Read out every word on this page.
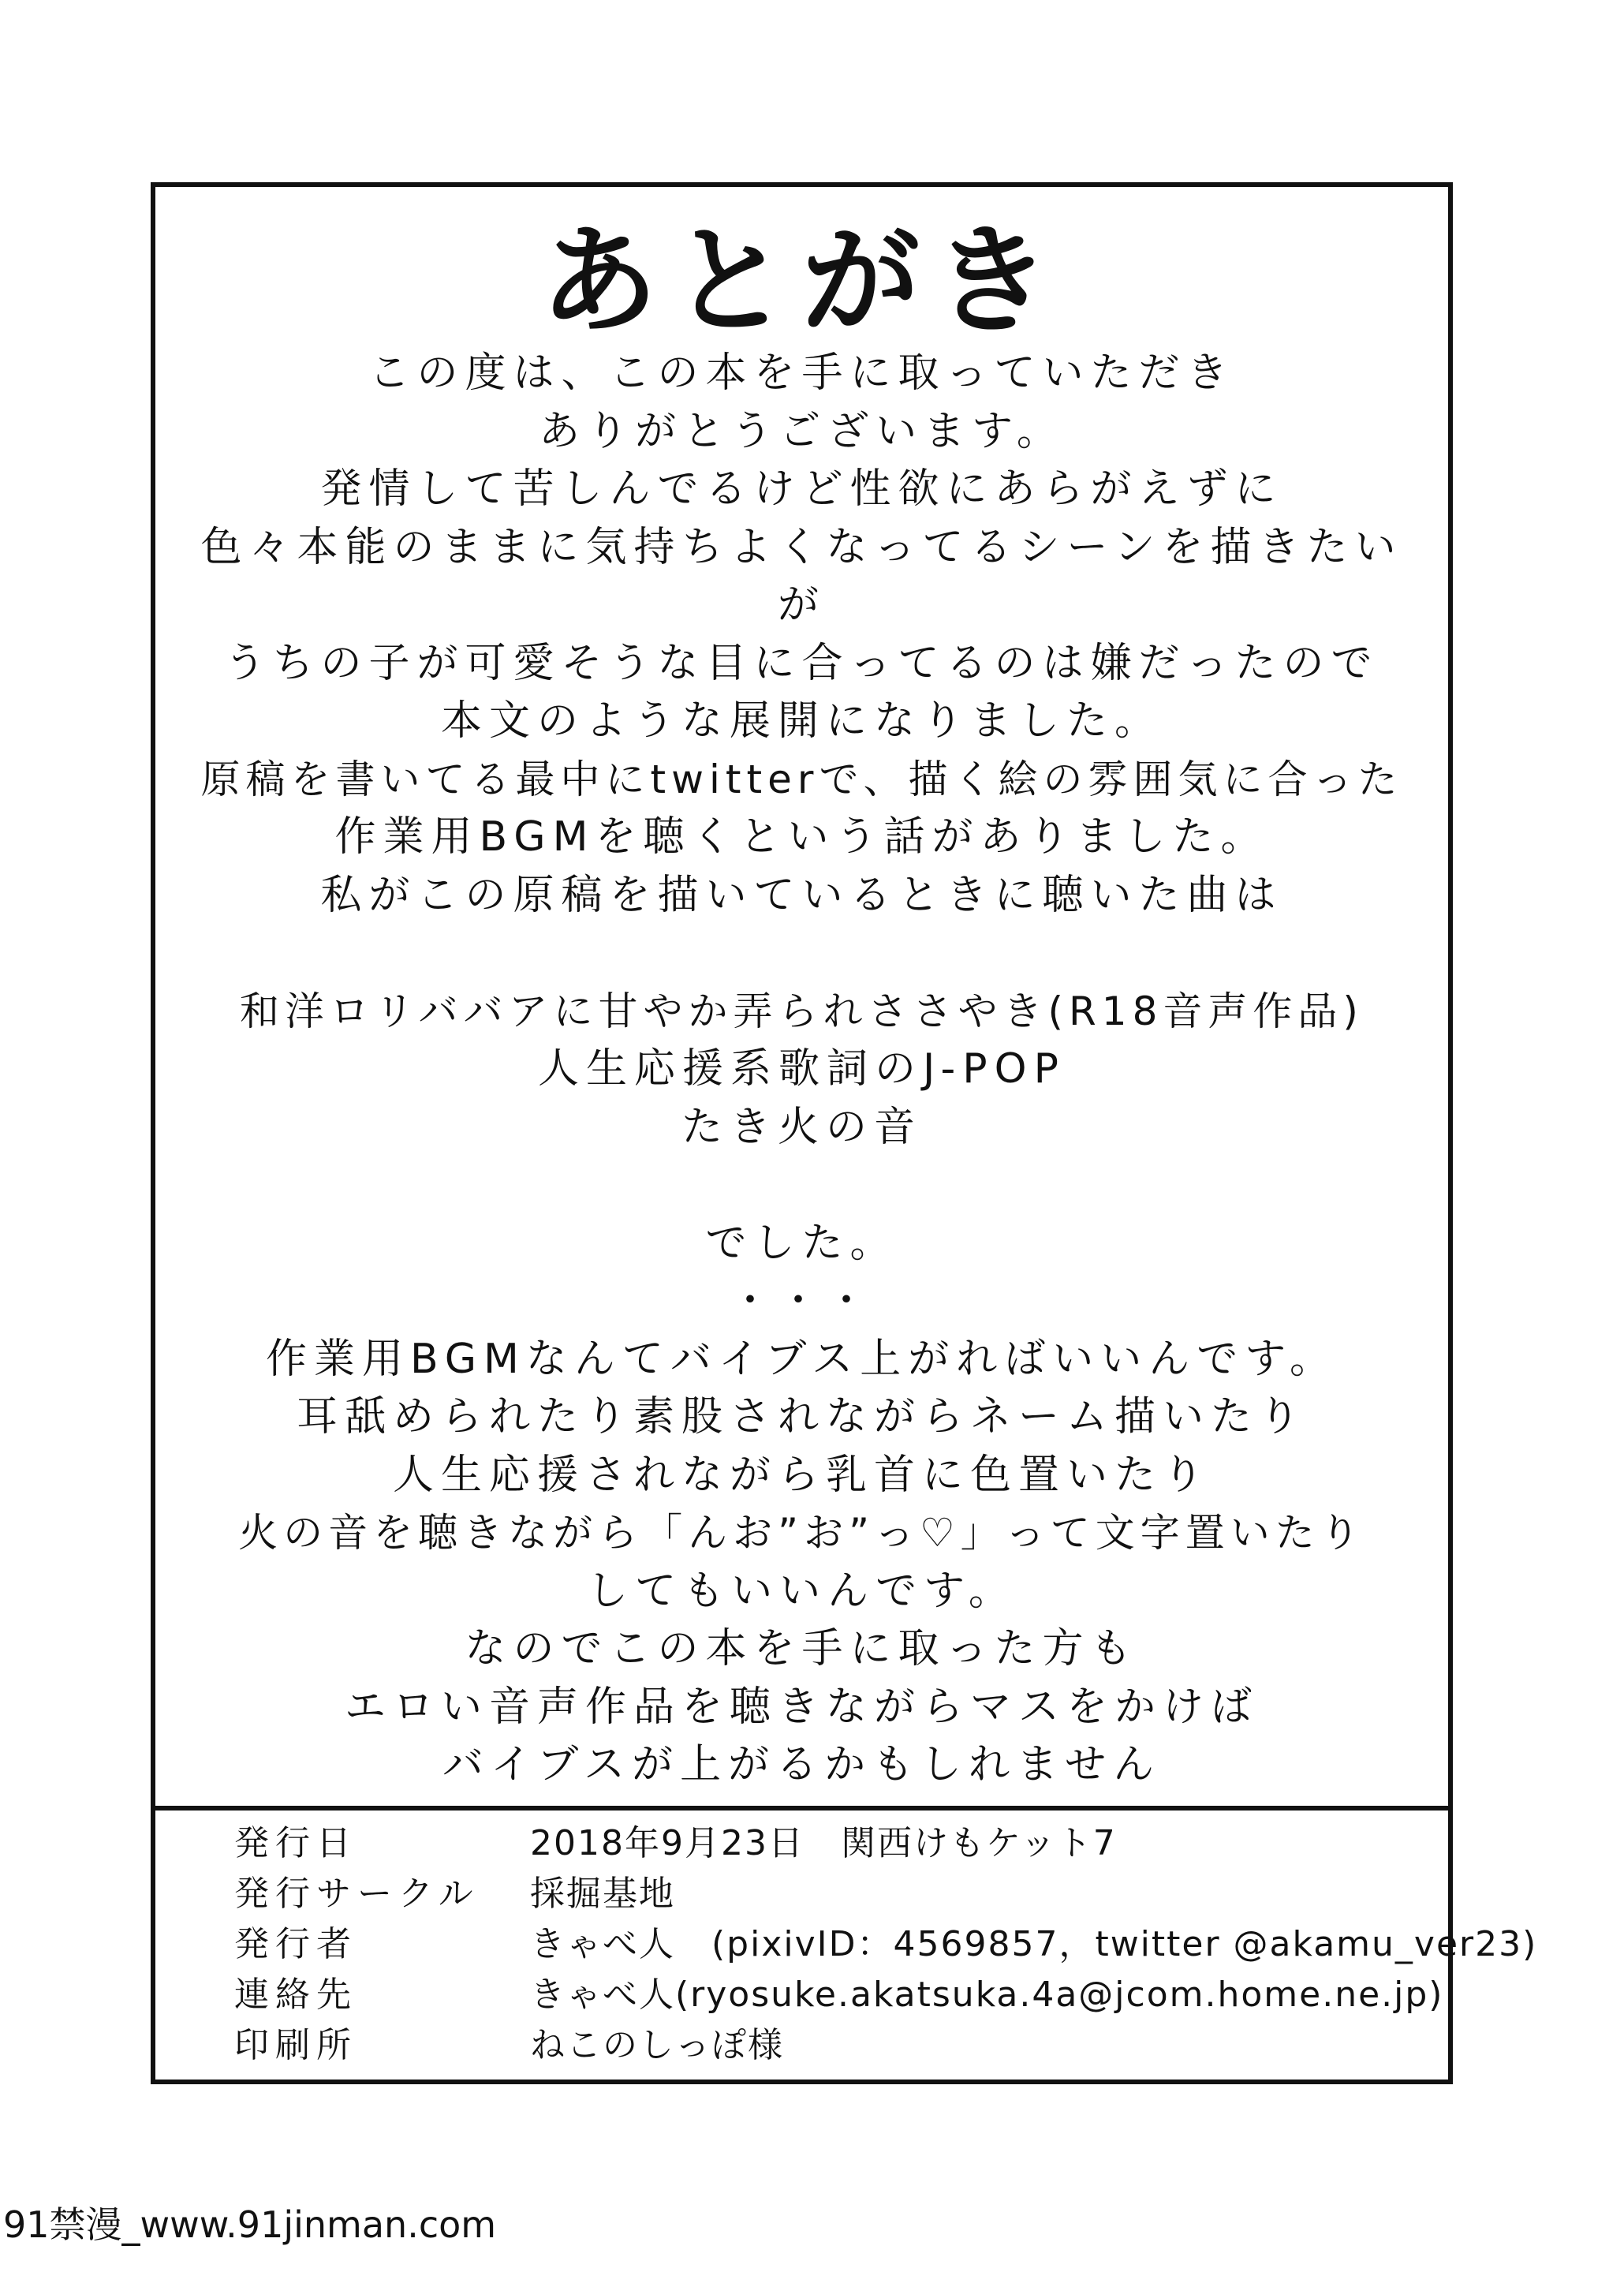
あとがき
この度は、この本を手に取っていただき
ありがとうございます。
発情して苦しんでるけど性欲にあらがえずに
色々本能のままに気持ちよくなってるシーンを描きたい
が
うちの子が可愛そうな目に合ってるのは嫌だったので
本文のような展開になりました。
原稿を書いてる最中にtwitterで、描く絵の雰囲気に合った
作業用BGMを聴くという話がありました。
私がこの原稿を描いているときに聴いた曲は
和洋ロリババアに甘やか弄られささやき(R18音声作品)
人生応援系歌詞のJ-POP
たき火の音
でした。
・・・
作業用BGMなんてバイブス上がればいいんです。
耳舐められたり素股されながらネーム描いたり
人生応援されながら乳首に色置いたり
火の音を聴きながら「んお”お”っ♡」って文字置いたり
してもいいんです。
なのでこの本を手に取った方も
エロい音声作品を聴きながらマスをかけば
バイブスが上がるかもしれません
発行日	2018年9月23日　関西けもケット7
発行サークル 採掘基地
発行者	きゃべ人　(pixivID：4569857，twitter @akamu_ver23)
連絡先	きゃべ人(ryosuke.akatsuka.4a@jcom.home.ne.jp)
印刷所	ねこのしっぽ様
91禁漫_www.91jinman.com
